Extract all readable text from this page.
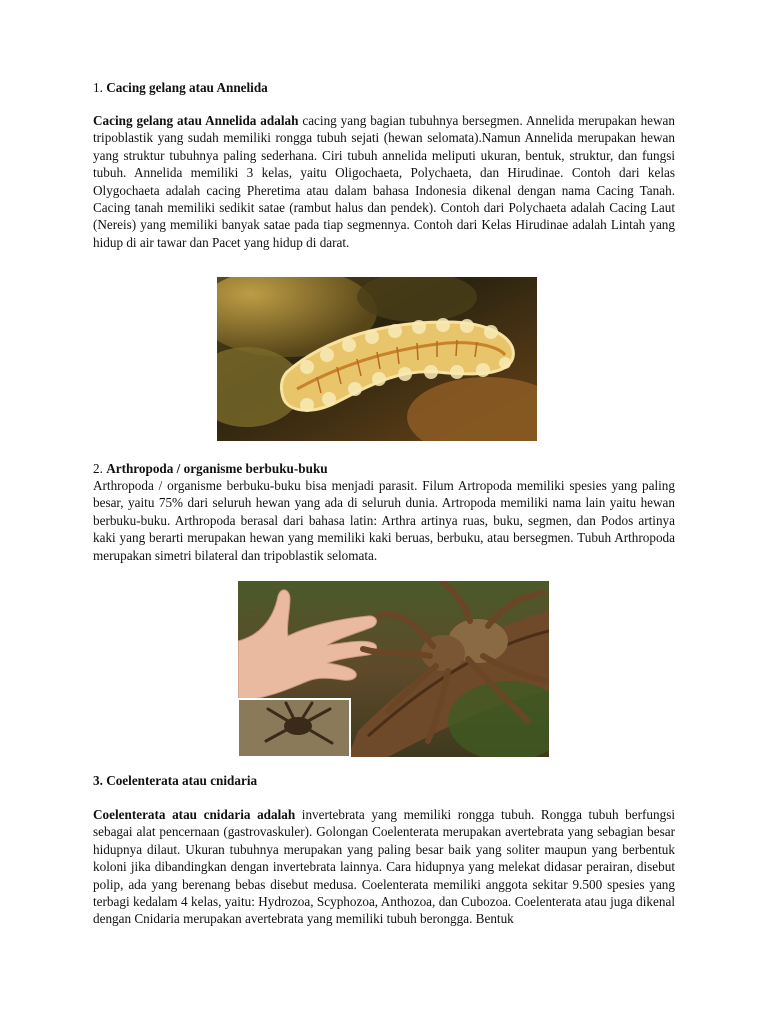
1. Cacing gelang atau Annelida
Cacing gelang atau Annelida adalah cacing yang bagian tubuhnya bersegmen. Annelida merupakan hewan tripoblastik yang sudah memiliki rongga tubuh sejati (hewan selomata).Namun Annelida merupakan hewan yang struktur tubuhnya paling sederhana. Ciri tubuh annelida meliputi ukuran, bentuk, struktur, dan fungsi tubuh. Annelida memiliki 3 kelas, yaitu Oligochaeta, Polychaeta, dan Hirudinae. Contoh dari kelas Olygochaeta adalah cacing Pheretima atau dalam bahasa Indonesia dikenal dengan nama Cacing Tanah. Cacing tanah memiliki sedikit satae (rambut halus dan pendek). Contoh dari Polychaeta adalah Cacing Laut (Nereis) yang memiliki banyak satae pada tiap segmennya. Contoh dari Kelas Hirudinae adalah Lintah yang hidup di air tawar dan Pacet yang hidup di darat.
2. Arthropoda / organisme berbuku-buku
Arthropoda / organisme berbuku-buku bisa menjadi parasit. Filum Artropoda memiliki spesies yang paling besar, yaitu 75% dari seluruh hewan yang ada di seluruh dunia. Artropoda memiliki nama lain yaitu hewan berbuku-buku. Arthropoda berasal dari bahasa latin: Arthra artinya ruas, buku, segmen, dan Podos artinya kaki yang berarti merupakan hewan yang memiliki kaki beruas, berbuku, atau bersegmen. Tubuh Arthropoda merupakan simetri bilateral dan tripoblastik selomata.
3. Coelenterata atau cnidaria
Coelenterata atau cnidaria adalah invertebrata yang memiliki rongga tubuh. Rongga tubuh berfungsi sebagai alat pencernaan (gastrovaskuler). Golongan Coelenterata merupakan avertebrata yang sebagian besar hidupnya dilaut. Ukuran tubuhnya merupakan yang paling besar baik yang soliter maupun yang berbentuk koloni jika dibandingkan dengan invertebrata lainnya. Cara hidupnya yang melekat didasar perairan, disebut polip, ada yang berenang bebas disebut medusa. Coelenterata memiliki anggota sekitar 9.500 spesies yang terbagi kedalam 4 kelas, yaitu: Hydrozoa, Scyphozoa, Anthozoa, dan Cubozoa. Coelenterata atau juga dikenal dengan Cnidaria merupakan avertebrata yang memiliki tubuh berongga. Bentuk
